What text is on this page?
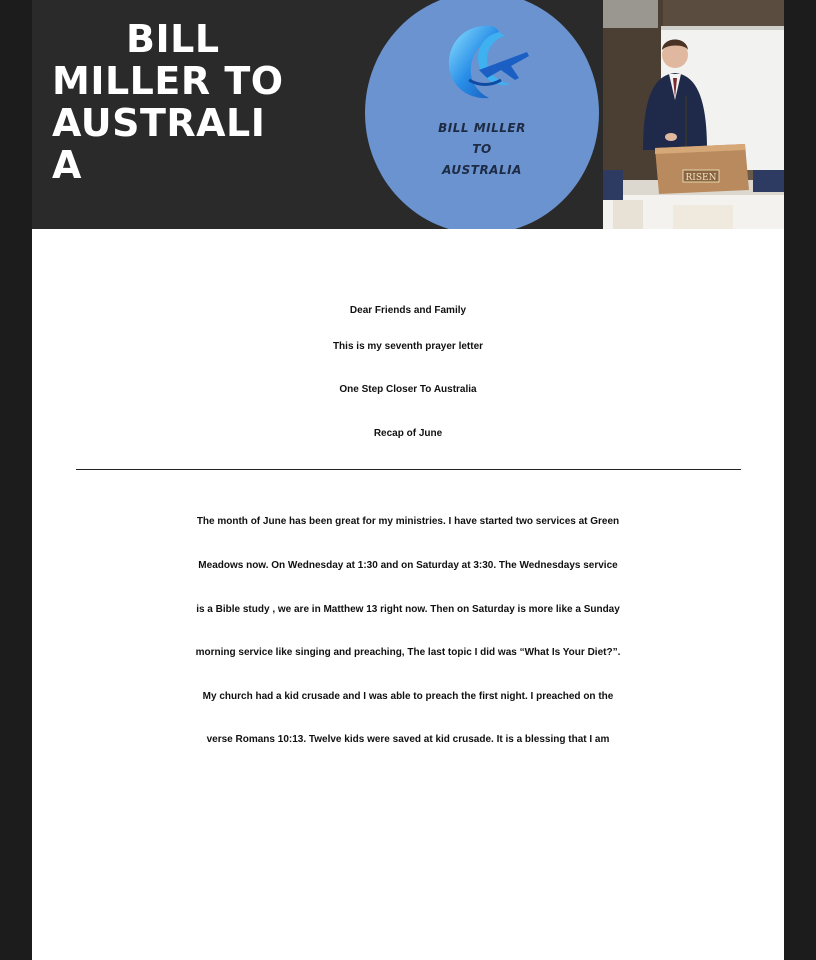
BILL
MILLER TO
AUSTRALI
A
BILL MILLER
TO
AUSTRALIA
RISEN
Dear Friends and Family
This is my seventh prayer letter
One Step Closer To Australia
Recap of June
The month of June has been great for my ministries. I have started two services at Green
Meadows now. On Wednesday at 1:30 and on Saturday at 3:30. The Wednesdays service
is a Bible study , we are in Matthew 13 right now. Then on Saturday is more like a Sunday
morning service like singing and preaching, The last topic I did was “What Is Your Diet?”.
My church had a kid crusade and I was able to preach the first night. I preached on the
verse Romans 10:13. Twelve kids were saved at kid crusade. It is a blessing that I am
